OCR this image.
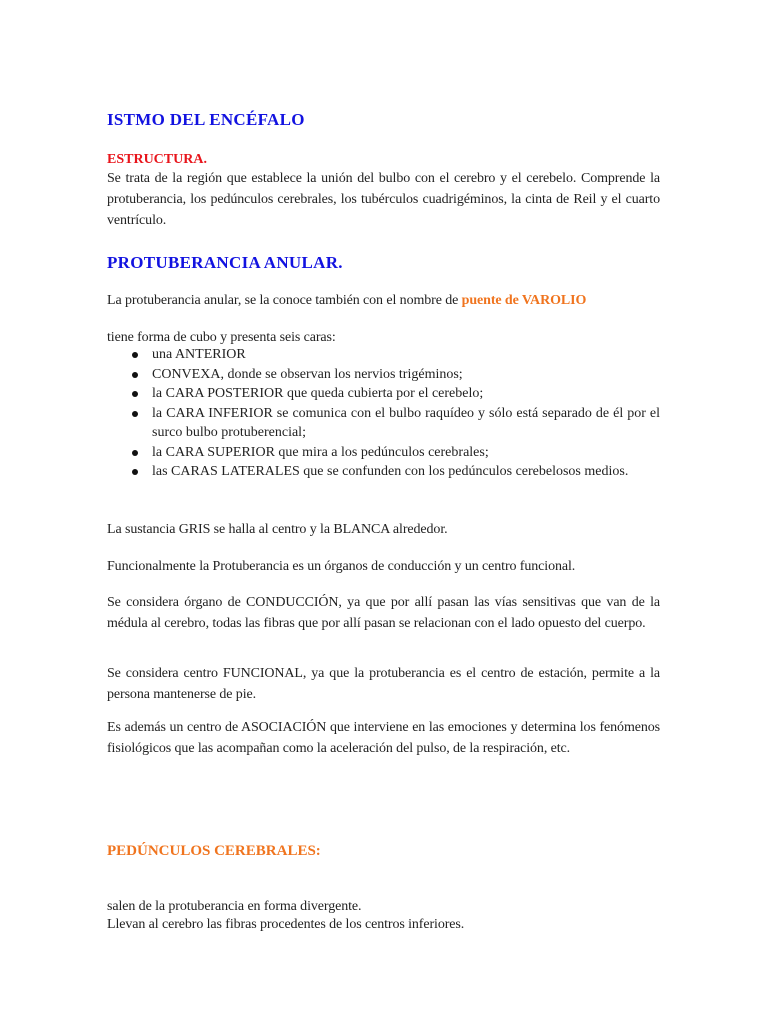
ISTMO DEL ENCÉFALO
ESTRUCTURA.

Se trata de la región que establece la unión del bulbo con el cerebro y el cerebelo. Comprende la protuberancia, los pedúnculos cerebrales, los tubérculos cuadrigéminos, la cinta de Reil y el cuarto ventrículo.

PROTUBERANCIA ANULAR.

La protuberancia anular, se la conoce también con el nombre de puente de VAROLIO

tiene forma de cubo y presenta seis caras:

una ANTERIOR
CONVEXA, donde se observan los nervios trigéminos;
la CARA POSTERIOR que queda cubierta por el cerebelo;
la CARA INFERIOR se comunica con el bulbo raquídeo y sólo está separado de él por el surco bulbo protuberencial;
la CARA SUPERIOR que mira a los pedúnculos cerebrales;
las CARAS LATERALES que se confunden con los pedúnculos cerebelosos medios.

La sustancia GRIS se halla al centro y la BLANCA alrededor.

Funcionalmente la Protuberancia es un órganos de conducción y un centro funcional.

Se considera órgano de CONDUCCIÓN, ya que por allí pasan las vías sensitivas que van de la médula al cerebro, todas las fibras que por allí pasan se relacionan con el lado opuesto del cuerpo.

Se considera centro FUNCIONAL, ya que la protuberancia es el centro de estación, permite a la persona mantenerse de pie.

Es además un centro de ASOCIACIÓN que interviene en las emociones y determina los fenómenos fisiológicos que las acompañan como la aceleración del pulso, de la respiración, etc.

PEDÚNCULOS CEREBRALES:

salen de la protuberancia en forma divergente.

Llevan al cerebro las fibras procedentes de los centros inferiores.
